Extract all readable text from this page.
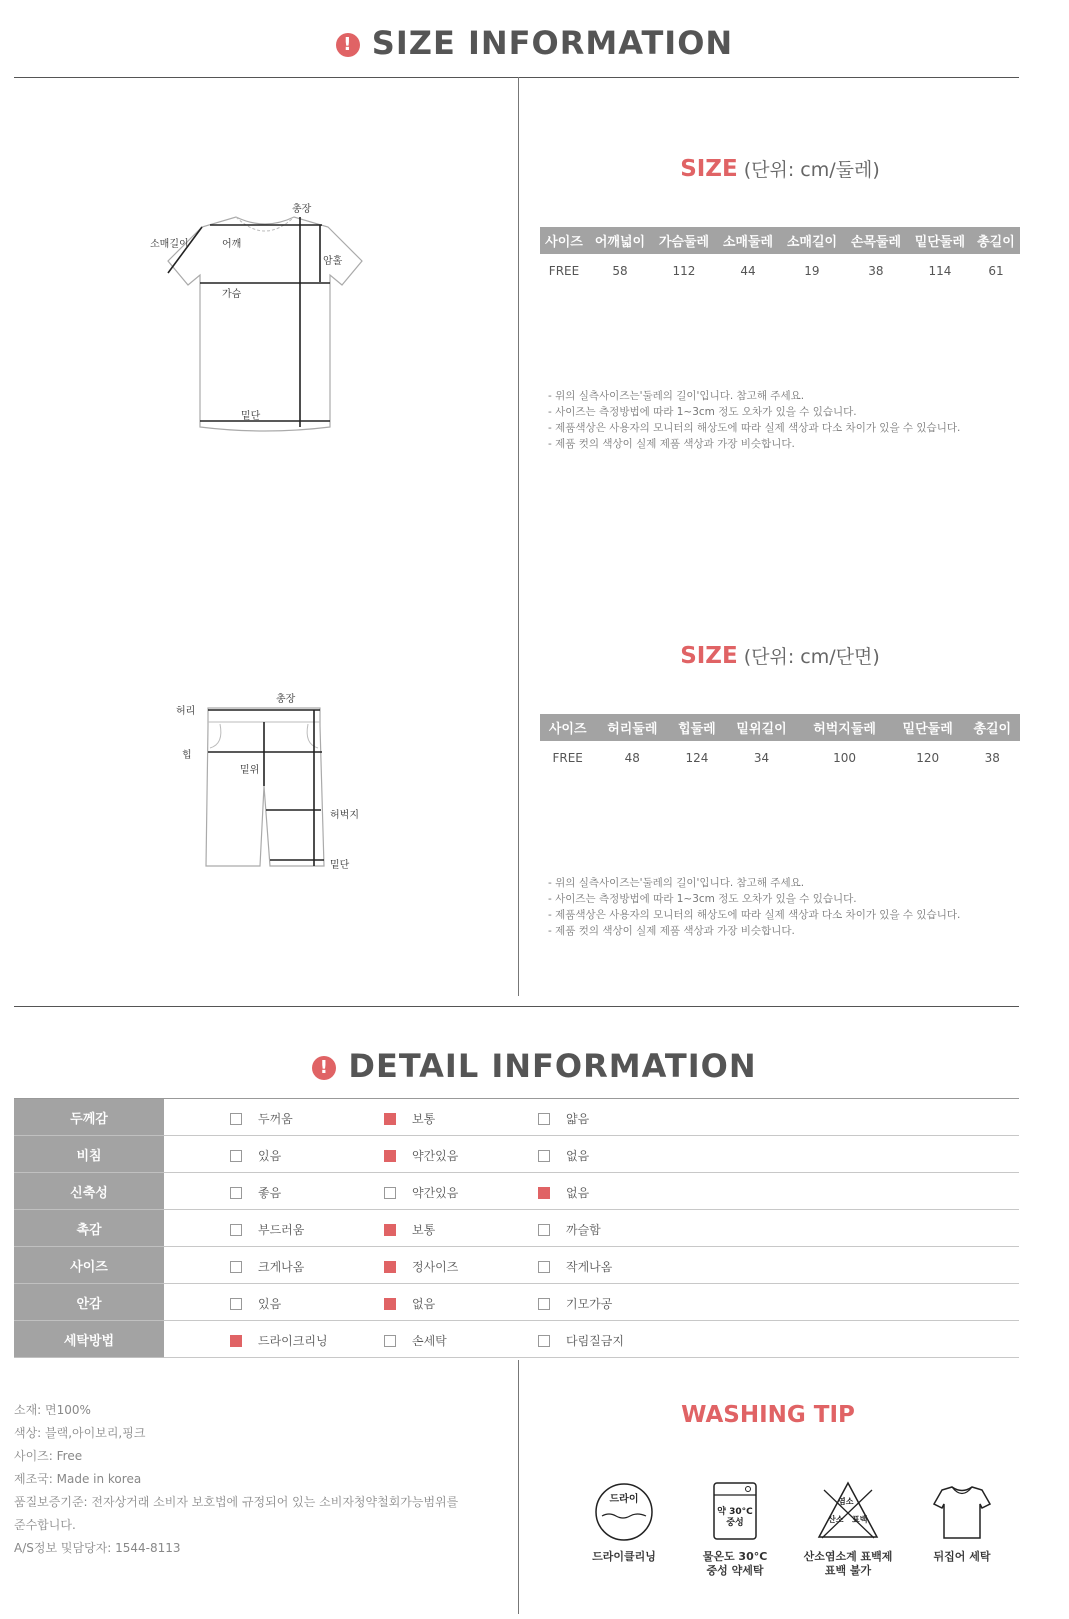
! SIZE INFORMATION
총장
소매길이	어깨
암홀
가슴
밑단
SIZE (단위: cm/둘레)
사이즈	어깨넓이	가슴둘레	소매둘레	소매길이	손목둘레	밑단둘레	총길이
FREE	58	112	44	19	38	114	61
- 위의 실측사이즈는'둘레의 길이'입니다. 참고해 주세요.
- 사이즈는 측정방법에 따라 1~3cm 정도 오차가 있을 수 있습니다.
- 제품색상은 사용자의 모니터의 해상도에 따라 실제 색상과 다소 차이가 있을 수 있습니다.
- 제품 컷의 색상이 실제 제품 색상과 가장 비슷합니다.
총장
허리
힙
밑위
허벅지
밑단
SIZE (단위: cm/단면)
사이즈	허리둘레	힙둘레	밑위길이	허벅지둘레	밑단둘레	총길이
FREE	48	124	34	100	120	38
- 위의 실측사이즈는'둘레의 길이'입니다. 참고해 주세요.
- 사이즈는 측정방법에 따라 1~3cm 정도 오차가 있을 수 있습니다.
- 제품색상은 사용자의 모니터의 해상도에 따라 실제 색상과 다소 차이가 있을 수 있습니다.
- 제품 컷의 색상이 실제 제품 색상과 가장 비슷합니다.
! DETAIL INFORMATION
두께감	두꺼움 보통 얇음

비침	있음 약간있음 없음

신축성	좋음 약간있음 없음

촉감	부드러움 보통 까슬함

사이즈	크게나옴 정사이즈 작게나옴

안감	있음 없음 기모가공

세탁방법	드라이크리닝 손세탁 다림질금지
소재: 면100%
색상: 블랙,아이보리,핑크
사이즈: Free
제조국: Made in korea
품질보증기준: 전자상거래 소비자 보호법에 규정되어 있는 소비자청약철회가능범위를
준수합니다.
A/S정보 및담당자: 1544-8113
WASHING TIP
드라이
약 30°C
중성
염소
산소 표백
드라이클리닝	물온도 30°C
중성 약세탁
산소염소계 표백제
표백 불가
뒤집어 세탁
